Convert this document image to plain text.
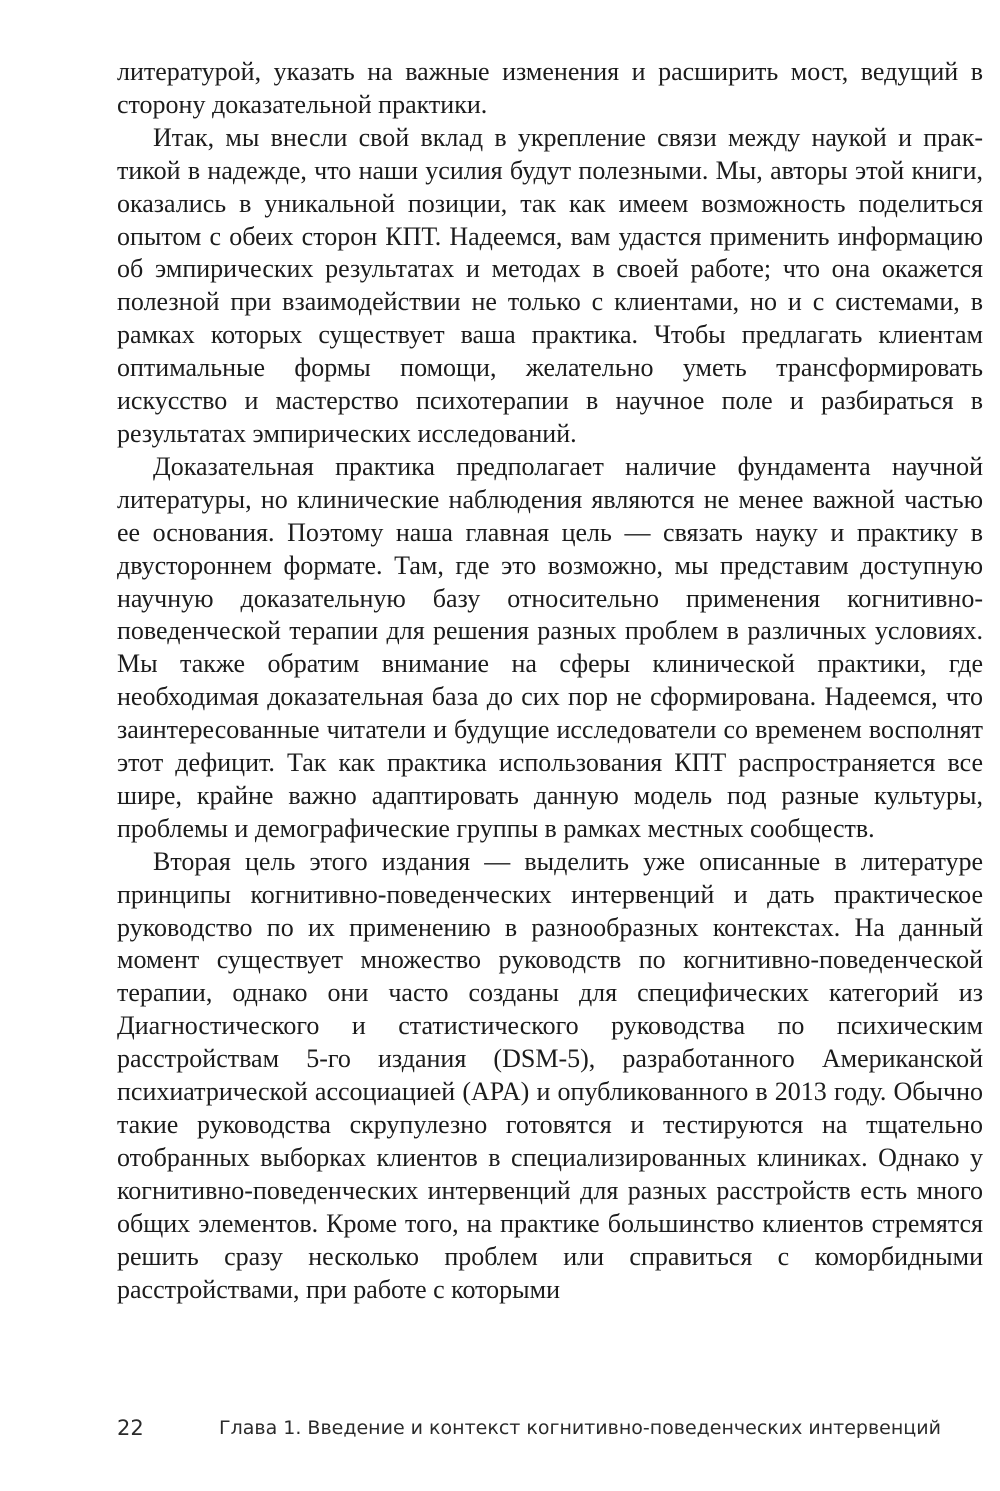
литературой, указать на важные изменения и расширить мост, ведущий в сторону доказательной практики.

Итак, мы внесли свой вклад в укрепление связи между наукой и практикой в надежде, что наши усилия будут полезными. Мы, авторы этой книги, оказались в уникальной позиции, так как имеем возможность поделиться опытом с обеих сторон КПТ. Надеемся, вам удастся применить информацию об эмпирических результатах и методах в своей работе; что она окажется полезной при взаимодействии не только с клиентами, но и с системами, в рамках которых существует ваша практика. Чтобы предлагать клиентам оптимальные формы помощи, желательно уметь трансформировать искусство и мастерство психотерапии в научное поле и разбираться в результатах эмпирических исследований.

Доказательная практика предполагает наличие фундамента научной литературы, но клинические наблюдения являются не менее важной частью ее основания. Поэтому наша главная цель — связать науку и практику в двустороннем формате. Там, где это возможно, мы представим доступную научную доказательную базу относительно применения когнитивно-поведенческой терапии для решения разных проблем в различных условиях. Мы также обратим внимание на сферы клинической практики, где необходимая доказательная база до сих пор не сформирована. Надеемся, что заинтересованные читатели и будущие исследователи со временем восполнят этот дефицит. Так как практика использования КПТ распространяется все шире, крайне важно адаптировать данную модель под разные культуры, проблемы и демографические группы в рамках местных сообществ.

Вторая цель этого издания — выделить уже описанные в литературе принципы когнитивно-поведенческих интервенций и дать практическое руководство по их применению в разнообразных контекстах. На данный момент существует множество руководств по когнитивно-поведенческой терапии, однако они часто созданы для специфических категорий из Диагностического и статистического руководства по психическим расстройствам 5-го издания (DSM-5), разработанного Американской психиатрической ассоциацией (APA) и опубликованного в 2013 году. Обычно такие руководства скрупулезно готовятся и тестируются на тщательно отобранных выборках клиентов в специализированных клиниках. Однако у когнитивно-поведенческих интервенций для разных расстройств есть много общих элементов. Кроме того, на практике большинство клиентов стремятся решить сразу несколько проблем или справиться с коморбидными расстройствами, при работе с которыми

22	Глава 1. Введение и контекст когнитивно-поведенческих интервенций
